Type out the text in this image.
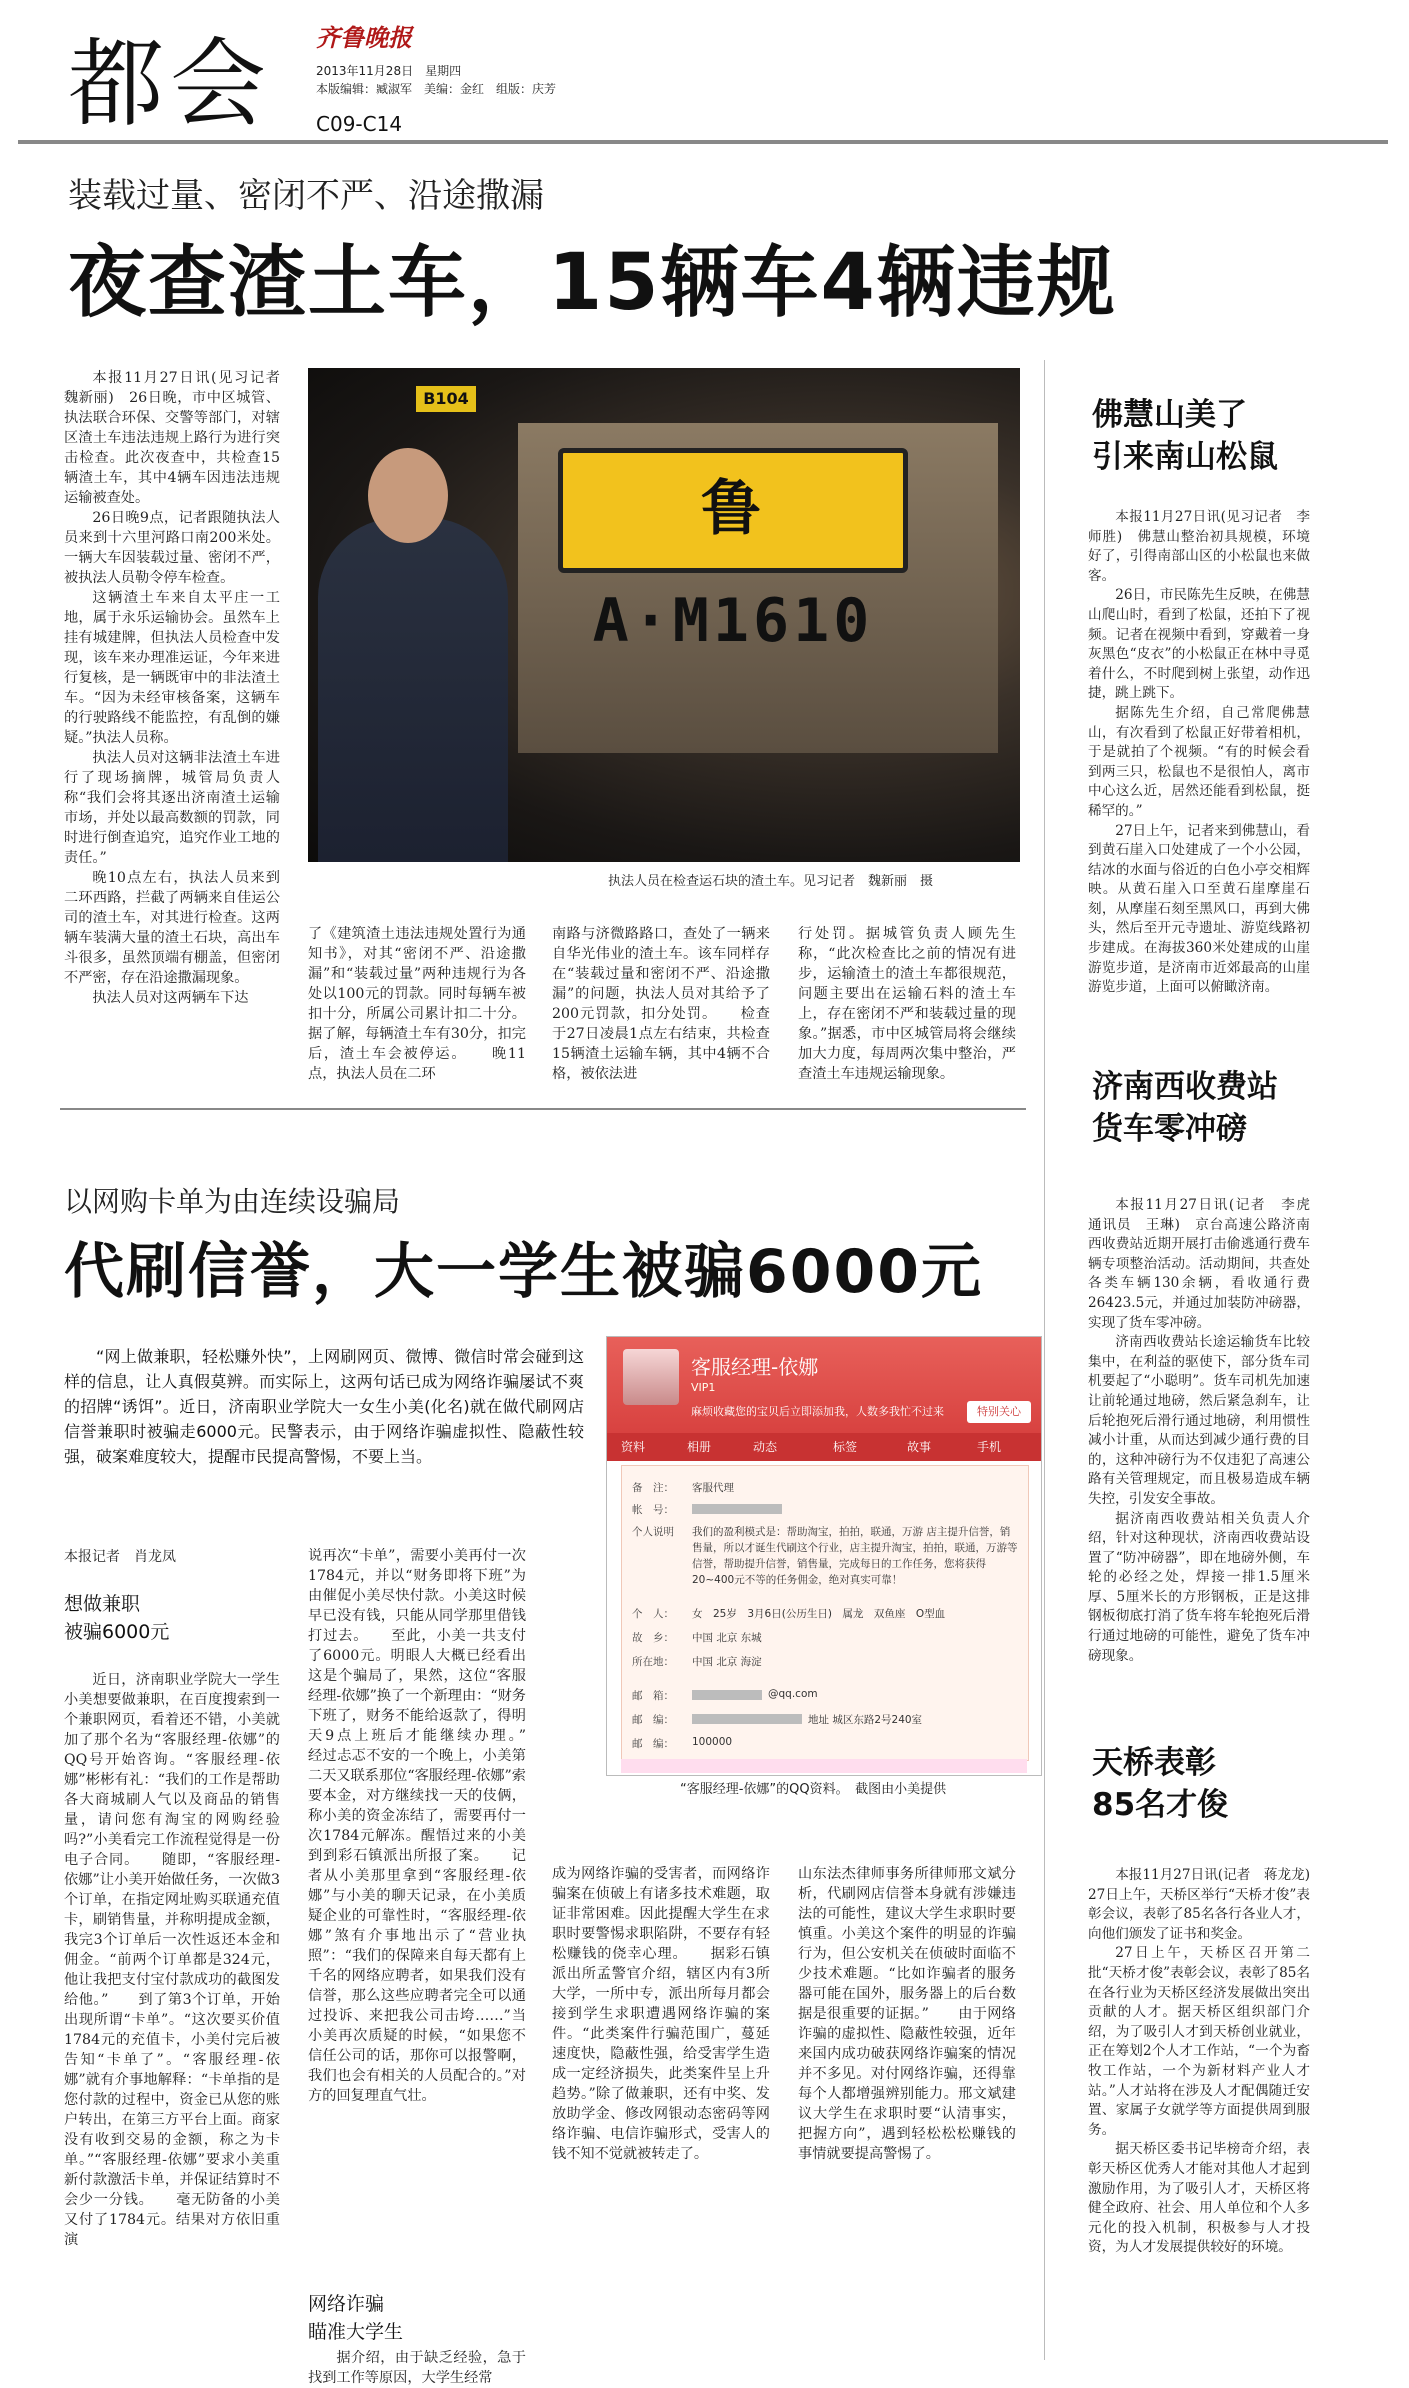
都会 齐鲁晚报
2013年11月28日　星期四
本版编辑：臧淑军　美编：金红　组版：庆芳
C09-C14
装载过量、密闭不严、沿途撒漏
夜查渣土车，15辆车4辆违规

本报11月27日讯(见习记者　魏新丽)　26日晚，市中区城管、执法联合环保、交警等部门，对辖区渣土车违法违规上路行为进行突击检查。此次夜查中，共检查15辆渣土车，其中4辆车因违法违规运输被查处。

26日晚9点，记者跟随执法人员来到十六里河路口南200米处。一辆大车因装载过量、密闭不严，被执法人员勒令停车检查。

这辆渣土车来自太平庄一工地，属于永乐运输协会。虽然车上挂有城建牌，但执法人员检查中发现，该车来办理准运证，今年来进行复核，是一辆既审中的非法渣土车。“因为未经审核备案，这辆车的行驶路线不能监控，有乱倒的嫌疑。”执法人员称。

执法人员对这辆非法渣土车进行了现场摘牌，城管局负责人称“我们会将其逐出济南渣土运输市场，并处以最高数额的罚款，同时进行倒查追究，追究作业工地的责任。”

晚10点左右，执法人员来到二环西路，拦截了两辆来自佳运公司的渣土车，对其进行检查。这两辆车装满大量的渣土石块，高出车斗很多，虽然顶端有棚盖，但密闭不严密，存在沿途撒漏现象。

执法人员对这两辆车下达

鲁A·M1610
B104
执法人员在检查运石块的渣土车。见习记者　魏新丽　摄
了《建筑渣土违法违规处置行为通知书》，对其“密闭不严、沿途撒漏”和“装载过量”两种违规行为各处以100元的罚款。同时每辆车被扣十分，所属公司累计扣二十分。据了解，每辆渣土车有30分，扣完后，渣土车会被停运。　　晚11点，执法人员在二环
南路与济微路路口，查处了一辆来自华光伟业的渣土车。该车同样存在“装载过量和密闭不严、沿途撒漏”的问题，执法人员对其给予了200元罚款，扣分处罚。　　检查于27日凌晨1点左右结束，共检查15辆渣土运输车辆，其中4辆不合格，被依法进
行处罚。据城管负责人顾先生称，“此次检查比之前的情况有进步，运输渣土的渣土车都很规范，问题主要出在运输石料的渣土车上，存在密闭不严和装载过量的现象。”据悉，市中区城管局将会继续加大力度，每周两次集中整治，严查渣土车违规运输现象。
佛慧山美了
引来南山松鼠

本报11月27日讯(见习记者　李师胜)　佛慧山整治初具规模，环境好了，引得南部山区的小松鼠也来做客。

26日，市民陈先生反映，在佛慧山爬山时，看到了松鼠，还拍下了视频。记者在视频中看到，穿戴着一身灰黑色“皮衣”的小松鼠正在林中寻觅着什么，不时爬到树上张望，动作迅捷，跳上跳下。

据陈先生介绍，自己常爬佛慧山，有次看到了松鼠正好带着相机，于是就拍了个视频。“有的时候会看到两三只，松鼠也不是很怕人，离市中心这么近，居然还能看到松鼠，挺稀罕的。”

27日上午，记者来到佛慧山，看到黄石崖入口处建成了一个小公园，结冰的水面与俗近的白色小亭交相辉映。从黄石崖入口至黄石崖摩崖石刻，从摩崖石刻至黑风口，再到大佛头，然后至开元寺遗址、游览线路初步建成。在海拔360米处建成的山崖游览步道，是济南市近郊最高的山崖游览步道，上面可以俯瞰济南。

济南西收费站
货车零冲磅

本报11月27日讯(记者　李虎　通讯员　王琳)　京台高速公路济南西收费站近期开展打击偷逃通行费车辆专项整治活动。活动期间，共查处各类车辆130余辆，看收通行费26423.5元，并通过加装防冲磅器，实现了货车零冲磅。

济南西收费站长途运输货车比较集中，在利益的驱使下，部分货车司机要起了“小聪明”。货车司机先加速让前轮通过地磅，然后紧急刹车，让后轮抱死后滑行通过地磅，利用惯性减小计重，从而达到减少通行费的目的，这种冲磅行为不仅违犯了高速公路有关管理规定，而且极易造成车辆失控，引发安全事故。

据济南西收费站相关负责人介绍，针对这种现状，济南西收费站设置了“防冲磅器”，即在地磅外侧，车轮的必经之处，焊接一排1.5厘米厚、5厘米长的方形钢板，正是这排钢板彻底打消了货车将车轮抱死后滑行通过地磅的可能性，避免了货车冲磅现象。

天桥表彰
85名才俊

本报11月27日讯(记者　蒋龙龙)　27日上午，天桥区举行“天桥才俊”表彰会议，表彰了85名各行各业人才，向他们颁发了证书和奖金。

27日上午，天桥区召开第二批“天桥才俊”表彰会议，表彰了85名在各行业为天桥区经济发展做出突出贡献的人才。据天桥区组织部门介绍，为了吸引人才到天桥创业就业，正在筹划2个人才工作站，“一个为畜牧工作站，一个为新材料产业人才站。”人才站将在涉及人才配偶随迁安置、家属子女就学等方面提供周到服务。

据天桥区委书记毕榜奇介绍，表彰天桥区优秀人才能对其他人才起到激励作用，为了吸引人才，天桥区将健全政府、社会、用人单位和个人多元化的投入机制，积极参与人才投资，为人才发展提供较好的环境。

以网购卡单为由连续设骗局
代刷信誉，大一学生被骗6000元
“网上做兼职，轻松赚外快”，上网刷网页、微博、微信时常会碰到这样的信息，让人真假莫辨。而实际上，这两句话已成为网络诈骗屡试不爽的招牌“诱饵”。近日，济南职业学院大一女生小美(化名)就在做代刷网店信誉兼职时被骗走6000元。民警表示，由于网络诈骗虚拟性、隐蔽性较强，破案难度较大，提醒市民提高警惕，不要上当。
本报记者　肖龙凤
想做兼职
被骗6000元
近日，济南职业学院大一学生小美想要做兼职，在百度搜索到一个兼职网页，看着还不错，小美就加了那个名为“客服经理-依娜”的QQ号开始咨询。“客服经理-依娜”彬彬有礼：“我们的工作是帮助各大商城刷人气以及商品的销售量，请问您有淘宝的网购经验吗?”小美看完工作流程觉得是一份电子合同。　　随即，“客服经理-依娜”让小美开始做任务，一次做3个订单，在指定网址购买联通充值卡，刷销售量，并称明提成金额，我完3个订单后一次性返还本金和佣金。“前两个订单都是324元，他让我把支付宝付款成功的截图发给他。”　　到了第3个订单，开始出现所谓“卡单”。“这次要买价值1784元的充值卡，小美付完后被告知“卡单了”。“客服经理-依娜”就有介事地解释：“卡单指的是您付款的过程中，资金已从您的账户转出，在第三方平台上面。商家没有收到交易的金额，称之为卡单。”“客服经理-依娜”要求小美重新付款激活卡单，并保证结算时不会少一分钱。　　毫无防备的小美又付了1784元。结果对方依旧重演
说再次“卡单”，需要小美再付一次1784元，并以“财务即将下班”为由催促小美尽快付款。小美这时候早已没有钱，只能从同学那里借钱打过去。　　至此，小美一共支付了6000元。明眼人大概已经看出这是个骗局了，果然，这位“客服经理-依娜”换了一个新理由：“财务下班了，财务不能给返款了，得明天9点上班后才能继续办理。”　　经过忐忑不安的一个晚上，小美第二天又联系那位“客服经理-依娜”索要本金，对方继续找一天的伎俩，称小美的资金冻结了，需要再付一次1784元解冻。醒悟过来的小美到到彩石镇派出所报了案。　　记者从小美那里拿到“客服经理-依娜”与小美的聊天记录，在小美质疑企业的可靠性时，“客服经理-依娜”煞有介事地出示了“营业执照”：“我们的保障来自每天都有上千名的网络应聘者，如果我们没有信誉，那么这些应聘者完全可以通过投诉、来把我公司击垮……”当小美再次质疑的时候，“如果您不信任公司的话，那你可以报警啊，我们也会有相关的人员配合的。”对方的回复理直气壮。
网络诈骗
瞄准大学生
据介绍，由于缺乏经验，急于找到工作等原因，大学生经常
成为网络诈骗的受害者，而网络诈骗案在侦破上有诸多技术难题，取证非常困难。因此提醒大学生在求职时要警惕求职陷阱，不要存有轻松赚钱的侥幸心理。　　据彩石镇派出所孟警官介绍，辖区内有3所大学，一所中专，派出所每月都会接到学生求职遭遇网络诈骗的案件。“此类案件行骗范围广，蔓延速度快，隐蔽性强，给受害学生造成一定经济损失，此类案件呈上升趋势。”除了做兼职，还有中奖、发放助学金、修改网银动态密码等网络诈骗、电信诈骗形式，受害人的钱不知不觉就被转走了。
山东法杰律师事务所律师邢文斌分析，代刷网店信誉本身就有涉嫌违法的可能性，建议大学生求职时要慎重。小美这个案件的明显的诈骗行为，但公安机关在侦破时面临不少技术难题。“比如诈骗者的服务器可能在国外，服务器上的后台数据是很重要的证据。”　　由于网络诈骗的虚拟性、隐蔽性较强，近年来国内成功破获网络诈骗案的情况并不多见。对付网络诈骗，还得靠每个人都增强辨别能力。邢文斌建议大学生在求职时要“认清事实，把握方向”，遇到轻松松松赚钱的事情就要提高警惕了。
客服经理-依娜
VIP1
麻烦收藏您的宝贝后立即添加我，人数多我忙不过来	特别关心
资料	相册	动态	标签	故事	手机
备　注： 客服代理
帐　号：
个人说明 我们的盈利模式是：帮助淘宝，拍拍，联通，万游 店主提升信誉，销售量，所以才诞生代刷这个行业，店主提升淘宝，拍拍，联通，万游等信誉，帮助提升信誉，销售量，完成每日的工作任务，您将获得20~400元不等的任务佣金，绝对真实可靠！
个　人： 女　25岁　3月6日(公历生日)　属龙　双鱼座　O型血
故　乡： 中国 北京 东城
所在地： 中国 北京 海淀
邮　箱：	@qq.com
邮　编：	地址 城区东路2号240室
邮　编： 100000
“客服经理-依娜”的QQ资料。　截图由小美提供
